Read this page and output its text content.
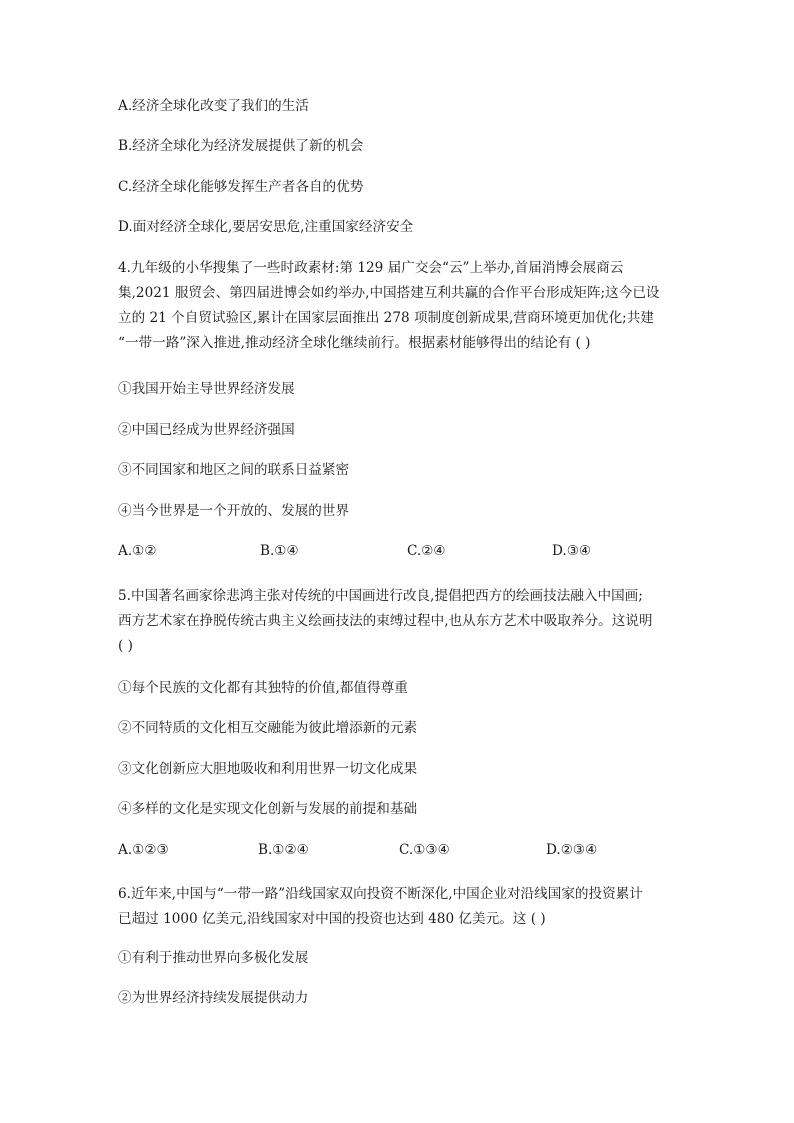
A.经济全球化改变了我们的生活
B.经济全球化为经济发展提供了新的机会
C.经济全球化能够发挥生产者各自的优势
D.面对经济全球化,要居安思危,注重国家经济安全
4.九年级的小华搜集了一些时政素材:第 129 届广交会“云”上举办,首届消博会展商云
集,2021 服贸会、第四届进博会如约举办,中国搭建互利共赢的合作平台形成矩阵;这今已设
立的 21 个自贸试验区,累计在国家层面推出 278 项制度创新成果,营商环境更加优化;共建
“一带一路”深入推进,推动经济全球化继续前行。根据素材能够得出的结论有 ( )
①我国开始主导世界经济发展
②中国已经成为世界经济强国
③不同国家和地区之间的联系日益紧密
④当今世界是一个开放的、发展的世界
A.①②	B.①④	C.②④	D.③④
5.中国著名画家徐悲鸿主张对传统的中国画进行改良,提倡把西方的绘画技法融入中国画;
西方艺术家在挣脱传统古典主义绘画技法的束缚过程中,也从东方艺术中吸取养分。这说明
( )
①每个民族的文化都有其独特的价值,都值得尊重
②不同特质的文化相互交融能为彼此增添新的元素
③文化创新应大胆地吸收和利用世界一切文化成果
④多样的文化是实现文化创新与发展的前提和基础
A.①②③	B.①②④	C.①③④	D.②③④
6.近年来,中国与“一带一路”沿线国家双向投资不断深化,中国企业对沿线国家的投资累计
已超过 1000 亿美元,沿线国家对中国的投资也达到 480 亿美元。这 ( )
①有利于推动世界向多极化发展
②为世界经济持续发展提供动力
